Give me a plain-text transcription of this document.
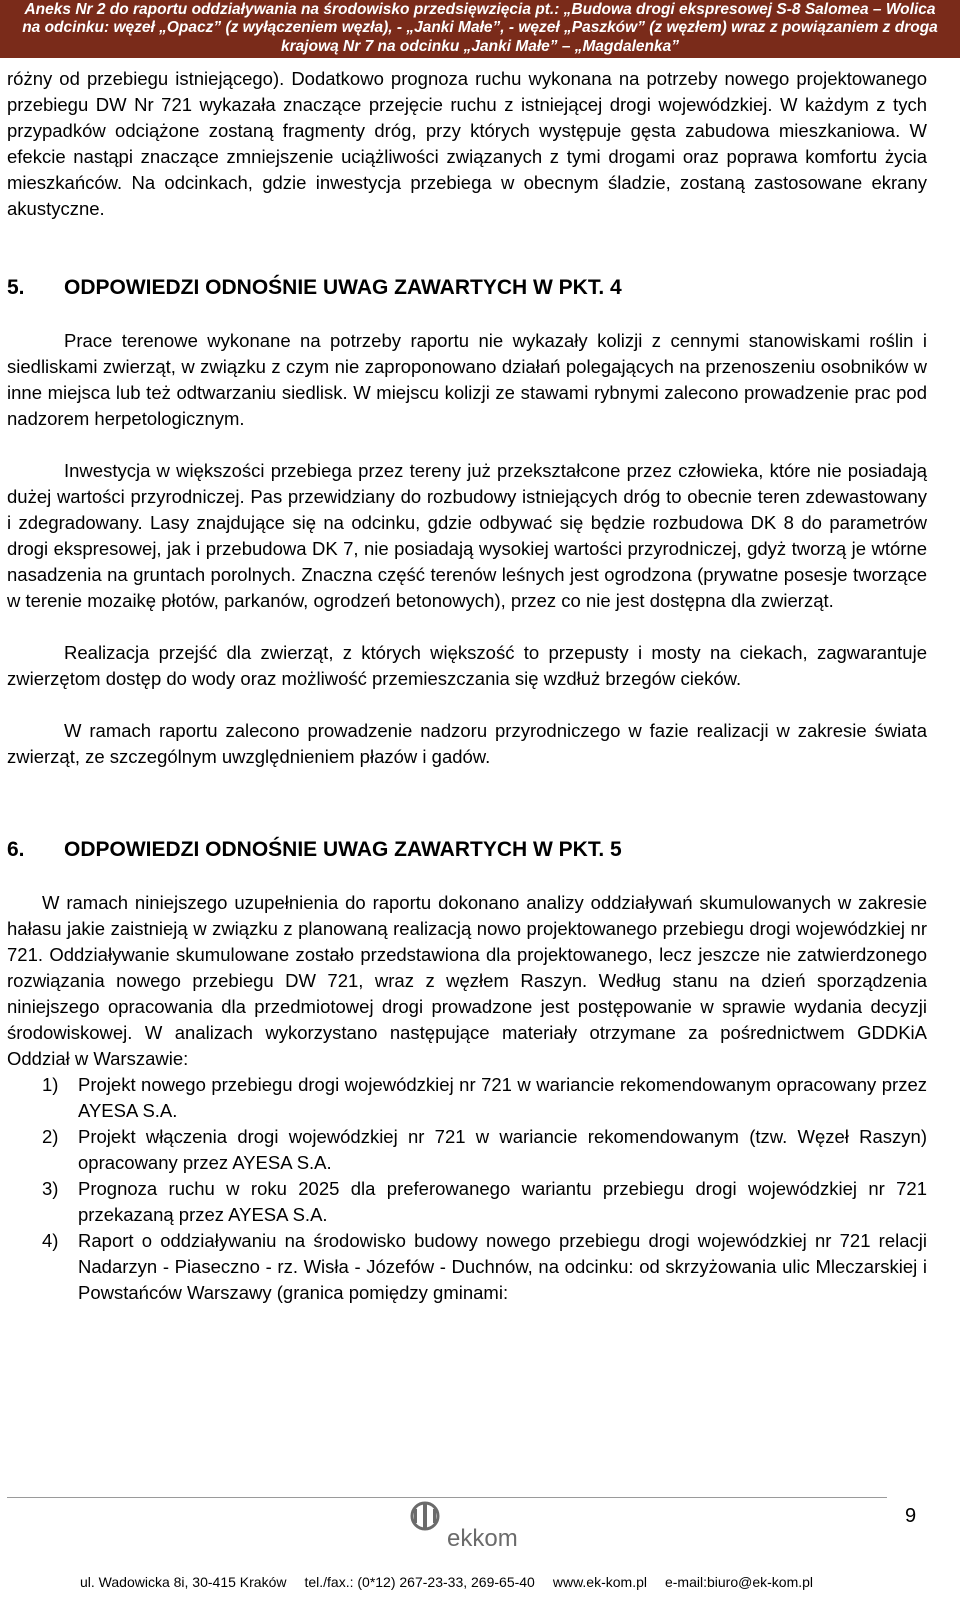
Aneks Nr 2 do raportu oddziaływania na środowisko przedsięwzięcia pt.: „Budowa drogi ekspresowej S-8 Salomea – Wolica
na odcinku: węzeł „Opacz” (z wyłączeniem węzła), - „Janki Małe”, - węzeł „Paszków” (z węzłem) wraz z powiązaniem z droga
krajową Nr 7 na odcinku „Janki Małe” – „Magdalenka”

różny od przebiegu istniejącego). Dodatkowo prognoza ruchu wykonana na potrzeby nowego projektowanego przebiegu DW Nr 721 wykazała znaczące przejęcie ruchu z istniejącej drogi wojewódzkiej. W każdym z tych przypadków odciążone zostaną fragmenty dróg, przy których występuje gęsta zabudowa mieszkaniowa. W efekcie nastąpi znaczące zmniejszenie uciążliwości związanych z tymi drogami oraz poprawa komfortu życia mieszkańców. Na odcinkach, gdzie inwestycja przebiega w obecnym śladzie, zostaną zastosowane ekrany akustyczne.

5.	ODPOWIEDZI ODNOŚNIE UWAG ZAWARTYCH W PKT. 4

Prace terenowe wykonane na potrzeby raportu nie wykazały kolizji z cennymi stanowiskami roślin i siedliskami zwierząt, w związku z czym nie zaproponowano działań polegających na przenoszeniu osobników w inne miejsca lub też odtwarzaniu siedlisk. W miejscu kolizji ze stawami rybnymi zalecono prowadzenie prac pod nadzorem herpetologicznym.

Inwestycja w większości przebiega przez tereny już przekształcone przez człowieka, które nie posiadają dużej wartości przyrodniczej. Pas przewidziany do rozbudowy istniejących dróg to obecnie teren zdewastowany i zdegradowany. Lasy znajdujące się na odcinku, gdzie odbywać się będzie rozbudowa DK 8 do parametrów drogi ekspresowej, jak i przebudowa DK 7, nie posiadają wysokiej wartości przyrodniczej, gdyż tworzą je wtórne nasadzenia na gruntach porolnych. Znaczna część terenów leśnych jest ogrodzona (prywatne posesje tworzące w terenie mozaikę płotów, parkanów, ogrodzeń betonowych), przez co nie jest dostępna dla zwierząt.

Realizacja przejść dla zwierząt, z których większość to przepusty i mosty na ciekach, zagwarantuje zwierzętom dostęp do wody oraz możliwość przemieszczania się wzdłuż brzegów cieków.

W ramach raportu zalecono prowadzenie nadzoru przyrodniczego w fazie realizacji w zakresie świata zwierząt, ze szczególnym uwzględnieniem płazów i gadów.

6.	ODPOWIEDZI ODNOŚNIE UWAG ZAWARTYCH W PKT. 5

W ramach niniejszego uzupełnienia do raportu dokonano analizy oddziaływań skumulowanych w zakresie hałasu jakie zaistnieją w związku z planowaną realizacją nowo projektowanego przebiegu drogi wojewódzkiej nr 721. Oddziaływanie skumulowane zostało przedstawiona dla projektowanego, lecz jeszcze nie zatwierdzonego rozwiązania nowego przebiegu DW 721, wraz z węzłem Raszyn. Według stanu na dzień sporządzenia niniejszego opracowania dla przedmiotowej drogi prowadzone jest postępowanie w sprawie wydania decyzji środowiskowej. W analizach wykorzystano następujące materiały otrzymane za pośrednictwem GDDKiA Oddział w Warszawie:

1)	Projekt nowego przebiegu drogi wojewódzkiej nr 721 w wariancie rekomendowanym opracowany przez AYESA S.A.
2)	Projekt włączenia drogi wojewódzkiej nr 721 w wariancie rekomendowanym (tzw. Węzeł Raszyn) opracowany przez AYESA S.A.
3)	Prognoza ruchu w roku 2025 dla preferowanego wariantu przebiegu drogi wojewódzkiej nr 721 przekazaną przez AYESA S.A.
4)	Raport o oddziaływaniu na środowisko budowy nowego przebiegu drogi wojewódzkiej nr 721 relacji Nadarzyn - Piaseczno - rz. Wisła - Józefów - Duchnów, na odcinku: od skrzyżowania ulic Mleczarskiej i Powstańców Warszawy (granica pomiędzy gminami:
ekkom
9
ul. Wadowicka 8i, 30-415 Kraków tel./fax.: (0*12) 267-23-33, 269-65-40 www.ek-kom.pl e-mail:biuro@ek-kom.pl
